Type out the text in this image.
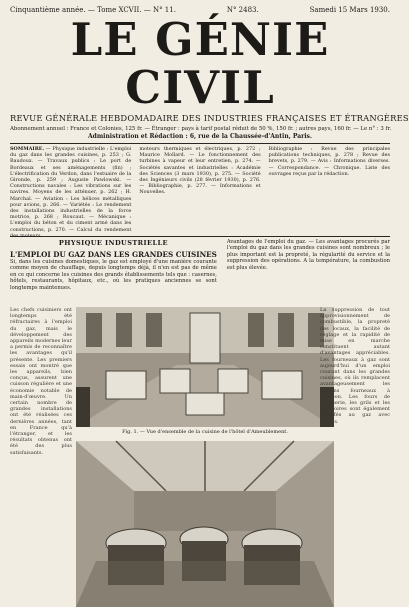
Cinquantième année. — Tome XCVII. — N° 11.	N° 2483.	Samedi 15 Mars 1930.
LE GÉNIE CIVIL
REVUE GÉNÉRALE HEBDOMADAIRE DES INDUSTRIES FRANÇAISES ET ÉTRANGÈRES
Abonnement annuel : France et Colonies, 125 fr. — Étranger : pays à tarif postal réduit de 50 %, 150 fr. ; autres pays, 160 fr. — Le n° : 3 fr.
Administration et Rédaction : 6, rue de la Chaussée-d'Antin, Paris.
SOMMAIRE. — Physique industrielle : L'emploi du gaz dans les grandes cuisines, p. 253 ; G. Baudoux. — Travaux publics : Le port de Bordeaux et ses aménagements (fin) ; L'électrification du Verdon, dans l'estuaire de la Gironde, p. 259 ; Auguste Pawlowski. — Constructions navales : Les vibrations sur les navires. Moyens de les atténuer, p. 262 ; H. Marchal. — Aviation : Les hélices métalliques pour avions, p. 266. — Variétés : Le rendement des installations industrielles de la force motrice, p. 268 ; Roucaut. — Mécanique : L'emploi du béton et du ciment armé dans les constructions, p. 270. — Calcul du rendement des moteurs.
moteurs thermiques et électriques, p. 272 ; Maurice Mollard. — Le fonctionnement des turbines à vapeur et leur entretien, p. 274. — Sociétés savantes et industrielles : Académie des Sciences (3 mars 1930), p. 275. — Société des Ingénieurs civils (28 février 1930), p. 276. — Bibliographie, p. 277. — Informations et Nouvelles.
Bibliographie : Revue des principales publications techniques, p. 278 ; Revue des brevets, p. 279. — Avis : Informations diverses. — Correspondance. — Chronique. Liste des ouvrages reçus par la rédaction.
PHYSIQUE INDUSTRIELLE
L'EMPLOI DU GAZ DANS LES GRANDES CUISINES
Si, dans les cuisines domestiques, le gaz est employé d'une manière courante comme moyen de chauffage, depuis longtemps déjà, il n'en est pas de même en ce qui concerne les cuisines des grands établissements tels que : casernes, hôtels, restaurants, hôpitaux, etc., où les pratiques anciennes se sont longtemps maintenues.
Avantages de l'emploi du gaz. — Les avantages procurés par l'emploi du gaz dans les grandes cuisines sont nombreux ; le plus important est la propreté, la régularité du service et la suppression des opérations. A la température, la combustion est plus élevée.
Les chefs cuisiniers ont longtemps été réfractaires à l'emploi du gaz, mais le développement des appareils modernes leur a permis de reconnaître les avantages qu'il présente. Les premiers essais ont montré que les appareils, bien conçus, assurent une cuisson régulière et une économie notable de main-d'œuvre. Un certain nombre de grandes installations ont été réalisées ces dernières années, tant en France qu'à l'étranger, et les résultats obtenus ont été des plus satisfaisants.
Fig. 1. — Vue d'ensemble de la cuisine de l'hôtel d'Ameublement.
La suppression de tout approvisionnement de combustible, la propreté des locaux, la facilité de réglage et la rapidité de mise en marche constituent autant d'avantages appréciables. Les fourneaux à gaz sont aujourd'hui d'un emploi courant dans les grandes cuisines, où ils remplacent avantageusement les anciens fourneaux à charbon. Les fours de pâtisserie, les grils et les rôtissoires sont également chauffés au gaz avec succès.
